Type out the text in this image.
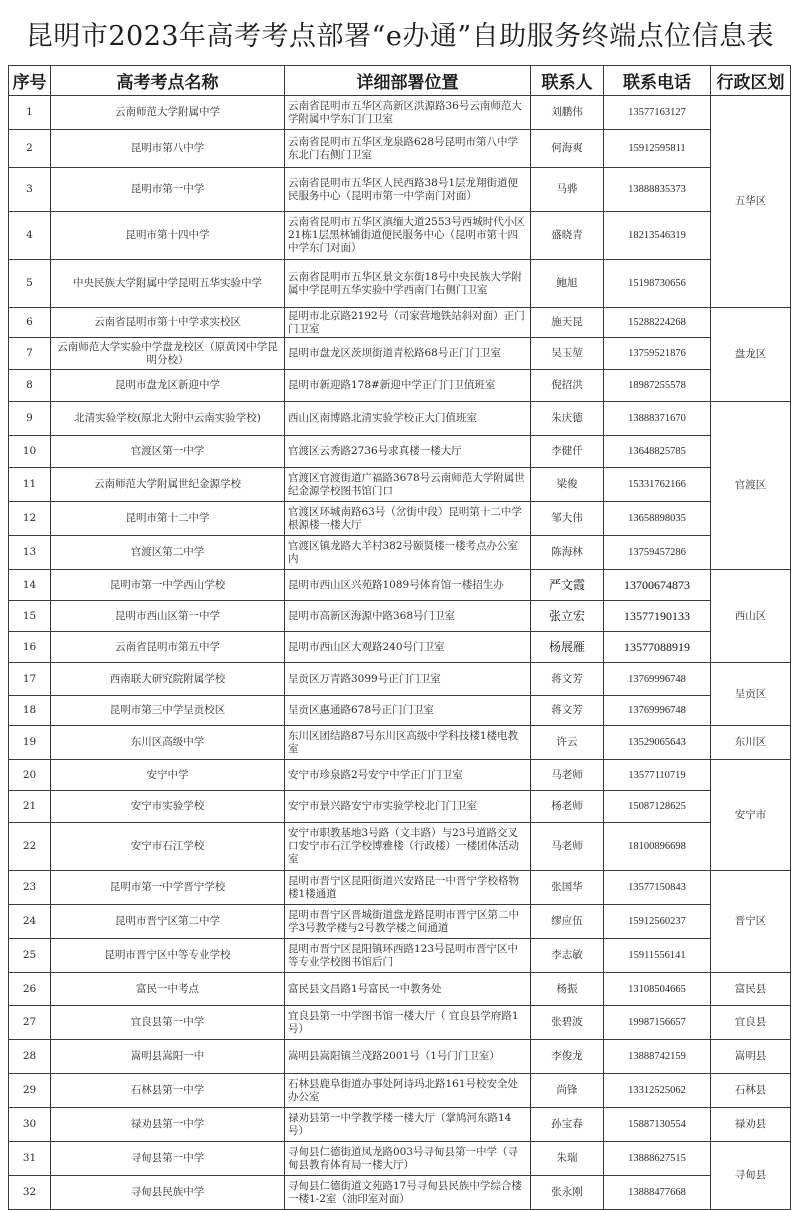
昆明市2023年高考考点部署“e办通”自助服务终端点位信息表
序号	高考考点名称	详细部署位置	联系人	联系电话	行政区划
1	云南师范大学附属中学	云南省昆明市五华区高新区洪源路36号云南师范大学附属中学东门门卫室	刘鹏伟	13577163127	五华区
2	昆明市第八中学	云南省昆明市五华区龙泉路628号昆明市第八中学东北门右侧门卫室	何海爽	15912595811	
3	昆明市第一中学	云南省昆明市五华区人民西路38号1层龙翔街道便民服务中心（昆明市第一中学南门对面）	马骅	13888835373	
4	昆明市第十四中学	云南省昆明市五华区滇缅大道2553号西城时代小区21栋1层黑林铺街道便民服务中心（昆明市第十四中学东门对面）	盛晓青	18213546319	
5	中央民族大学附属中学昆明五华实验中学	云南省昆明市五华区景文东街18号中央民族大学附属中学昆明五华实验中学西南门右侧门卫室	鲍旭	15198730656	
6	云南省昆明市第十中学求实校区	昆明市北京路2192号（司家营地铁站斜对面）正门门卫室	施天昆	15288224268	盘龙区
7	云南师范大学实验中学盘龙校区（原黄冈中学昆明分校）	昆明市盘龙区茨坝街道青松路68号正门门卫室	吴玉堃	13759521876	
8	昆明市盘龙区新迎中学	昆明市新迎路178#新迎中学正门门卫值班室	倪招洪	18987255578	
9	北清实验学校(原北大附中云南实验学校)	西山区南博路北清实验学校正大门值班室	朱庆德	13888371670	官渡区
10	官渡区第一中学	官渡区云秀路2736号求真楼一楼大厅	李健仟	13648825785	
11	云南师范大学附属世纪金源学校	官渡区官渡街道广福路3678号云南师范大学附属世纪金源学校图书馆门口	梁俊	15331762166	
12	昆明市第十二中学	官渡区环城南路63号（岔街中段）昆明第十二中学根源楼一楼大厅	邹大伟	13658898035	
13	官渡区第二中学	官渡区镇龙路大羊村382号颐贤楼一楼考点办公室内	陈海林	13759457286	
14	昆明市第一中学西山学校	昆明市西山区兴苑路1089号体育馆一楼招生办	严文霞	13700674873	西山区
15	昆明市西山区第一中学	昆明市高新区海源中路368号门卫室	张立宏	13577190133	
16	云南省昆明市第五中学	昆明市西山区大观路240号门卫室	杨展雁	13577088919	
17	西南联大研究院附属学校	呈贡区万青路3099号正门门卫室	蒋文芳	13769996748	呈贡区
18	昆明市第三中学呈贡校区	呈贡区惠通路678号正门门卫室	蒋文芳	13769996748	
19	东川区高级中学	东川区团结路87号东川区高级中学科技楼1楼电教室	许云	13529065643	东川区
20	安宁中学	安宁市珍泉路2号安宁中学正门门卫室	马老师	13577110719	安宁市
21	安宁市实验学校	安宁市景兴路安宁市实验学校北门门卫室	杨老师	15087128625	
22	安宁市石江学校	安宁市职教基地3号路（文丰路）与23号道路交叉口安宁市石江学校博雅楼（行政楼）一楼团体活动室	马老师	18100896698	
23	昆明市第一中学晋宁学校	昆明市晋宁区昆阳街道兴安路昆一中晋宁学校格物楼1楼通道	张国华	13577150843	晋宁区
24	昆明市晋宁区第二中学	昆明市晋宁区晋城街道盘龙路昆明市晋宁区第二中学3号教学楼与2号教学楼之间通道	缪应伍	15912560237	
25	昆明市晋宁区中等专业学校	昆明市晋宁区昆阳镇环西路123号昆明市晋宁区中等专业学校图书馆后门	李志敏	15911556141	
26	富民一中考点	富民县文昌路1号富民一中教务处	杨振	13108504665	富民县
27	宜良县第一中学	宜良县第一中学图书馆一楼大厅（ 宜良县学府路1号）	张碧波	19987156657	宜良县
28	嵩明县嵩阳一中	嵩明县嵩阳镇兰茂路2001号（1号门门卫室）	李俊龙	13888742159	嵩明县
29	石林县第一中学	石林县鹿阜街道办事处阿诗玛北路161号校安全处办公室	尚锋	13312525062	石林县
30	禄劝县第一中学	禄劝县第一中学教学楼一楼大厅（掌鸠河东路14号）	孙宝春	15887130554	禄劝县
31	寻甸县第一中学	寻甸县仁德街道凤龙路003号寻甸县第一中学（寻甸县教育体育局一楼大厅）	朱瑞	13888627515	寻甸县
32	寻甸县民族中学	寻甸县仁德街道文苑路17号寻甸县民族中学综合楼一楼1-2室（油印室对面）	张永刚	13888477668	
